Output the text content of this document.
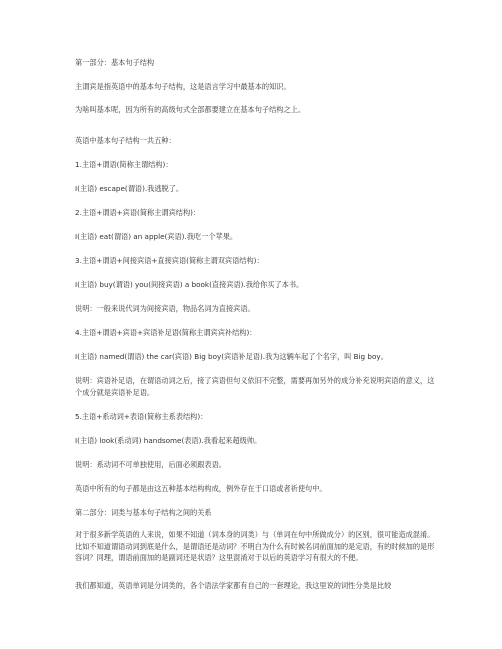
第一部分：基本句子结构

主谓宾是指英语中的基本句子结构，这是语言学习中最基本的知识。

为啥叫基本呢，因为所有的高级句式全部都要建立在基本句子结构之上。

英语中基本句子结构一共五种：

1.主语+谓语(简称主谓结构)：

I(主语) escape(谓语).我逃脱了。

2.主语+谓语+宾语(简称主谓宾结构)：

I(主语) eat(谓语) an apple(宾语).我吃一个苹果。

3.主语+谓语+间接宾语+直接宾语(简称主谓双宾语结构)：

I(主语) buy(谓语) you(间接宾语) a book(直接宾语).我给你买了本书。

说明：一般来说代词为间接宾语，物品名词为直接宾语。

4.主语+谓语+宾语+宾语补足语(简称主谓宾宾补结构)：

I(主语) named(谓语) the car(宾语) Big boy(宾语补足语).我为这辆车起了个名字，叫 Big boy。

说明：宾语补足语，在谓语动词之后，接了宾语但句义依旧不完整，需要再加另外的成分补充说明宾语的意义，这个成分就是宾语补足语。

5.主语+系动词+表语(简称主系表结构)：

I(主语) look(系动词) handsome(表语).我看起来超级帅。

说明：系动词不可单独使用，后面必须跟表语。

英语中所有的句子都是由这五种基本结构构成，例外存在于口语或者祈使句中。

第二部分：词类与基本句子结构之间的关系

对于很多新学英语的人来说，如果不知道（词本身的词类）与（单词在句中所做成分）的区别，很可能造成混淆。比如不知道谓语动词到底是什么，是谓语还是动词？不明白为什么有时候名词前面加的是定语，有的时候加的是形容词？同理，谓语前面加的是副词还是状语？这里混淆对于以后的英语学习有很大的不便。

我们都知道，英语单词是分词类的，各个语法学家都有自己的一套理论，我这里说的词性分类是比较
